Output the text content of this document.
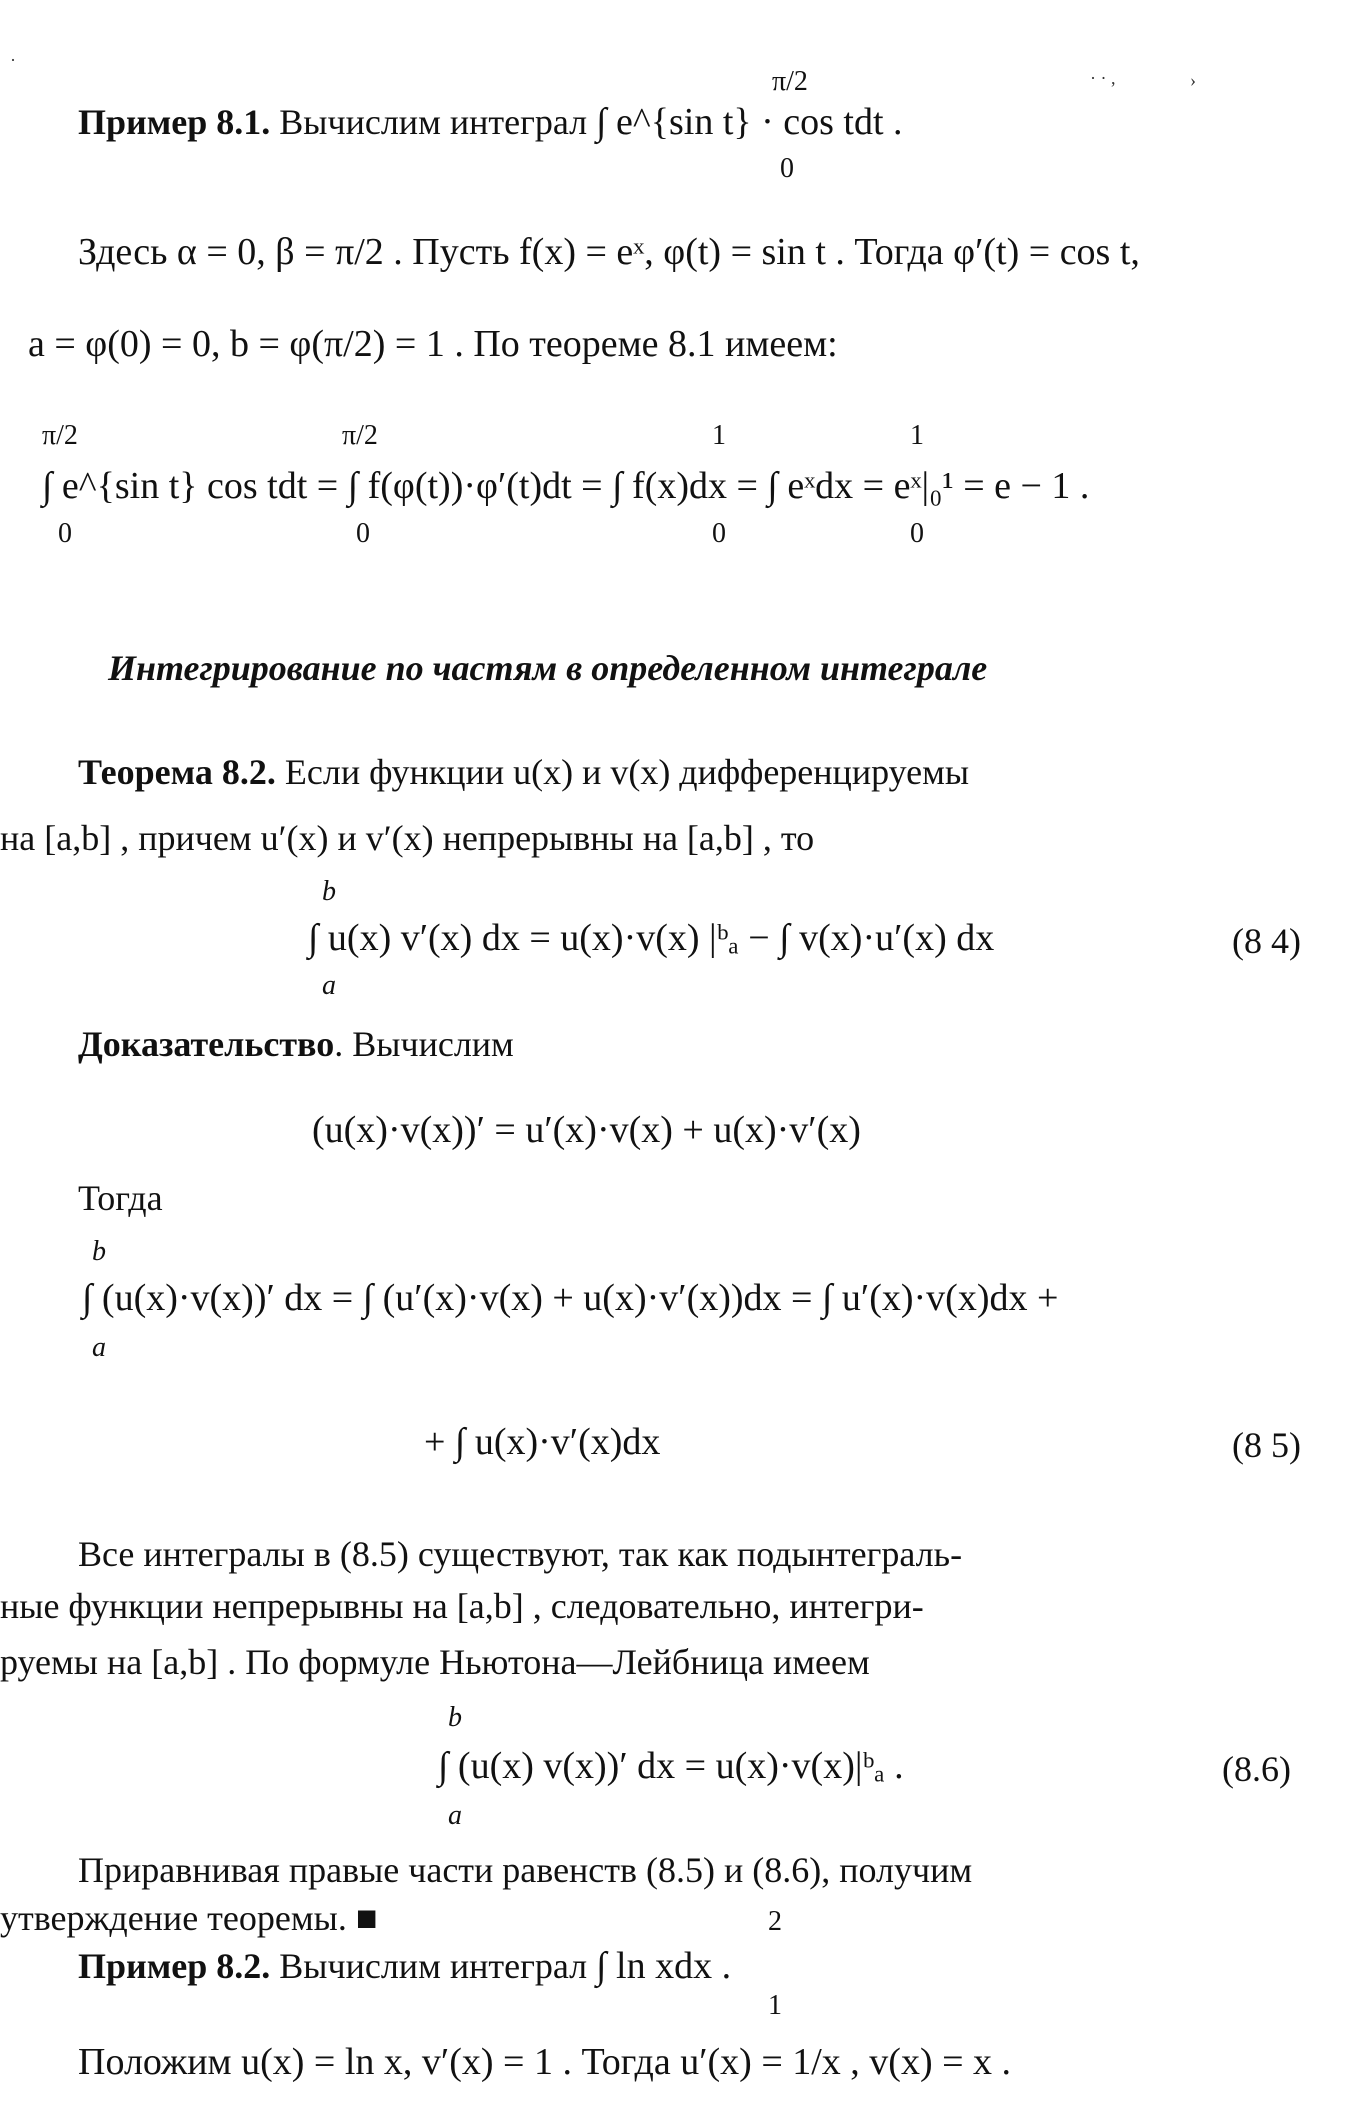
·
· · ,	›
π/2
Пример 8.1. Вычислим интеграл ∫ e^{sin t} · cos tdt .
0
Здесь α = 0, β = π/2 . Пусть f(x) = eˣ, φ(t) = sin t . Тогда φ′(t) = cos t,
a = φ(0) = 0, b = φ(π/2) = 1 . По теореме 8.1 имеем:
π/2	π/2	1	1
∫ e^{sin t} cos tdt = ∫ f(φ(t))·φ′(t)dt = ∫ f(x)dx = ∫ eˣdx = eˣ|₀¹ = e − 1 .
0	0	0	0
Интегрирование по частям в определенном интеграле
Теорема 8.2. Если функции u(x) и v(x) дифференцируемы
на [a,b] , причем u′(x) и v′(x) непрерывны на [a,b] , то
b
∫ u(x) v′(x) dx = u(x)·v(x) |ᵇₐ − ∫ v(x)·u′(x) dx	(8 4)
a
Доказательство. Вычислим
(u(x)·v(x))′ = u′(x)·v(x) + u(x)·v′(x)
Тогда
b
∫ (u(x)·v(x))′ dx = ∫ (u′(x)·v(x) + u(x)·v′(x))dx = ∫ u′(x)·v(x)dx +
a
+ ∫ u(x)·v′(x)dx	(8 5)
Все интегралы в (8.5) существуют, так как подынтеграль-
ные функции непрерывны на [a,b] , следовательно, интегри-
руемы на [a,b] . По формуле Ньютона—Лейбница имеем
b
∫ (u(x) v(x))′ dx = u(x)·v(x)|ᵇₐ .	(8.6)
a
Приравнивая правые части равенств (8.5) и (8.6), получим
утверждение теоремы. ■	2
Пример 8.2. Вычислим интеграл ∫ ln xdx .
1
Положим u(x) = ln x, v′(x) = 1 . Тогда u′(x) = 1/x , v(x) = x .
